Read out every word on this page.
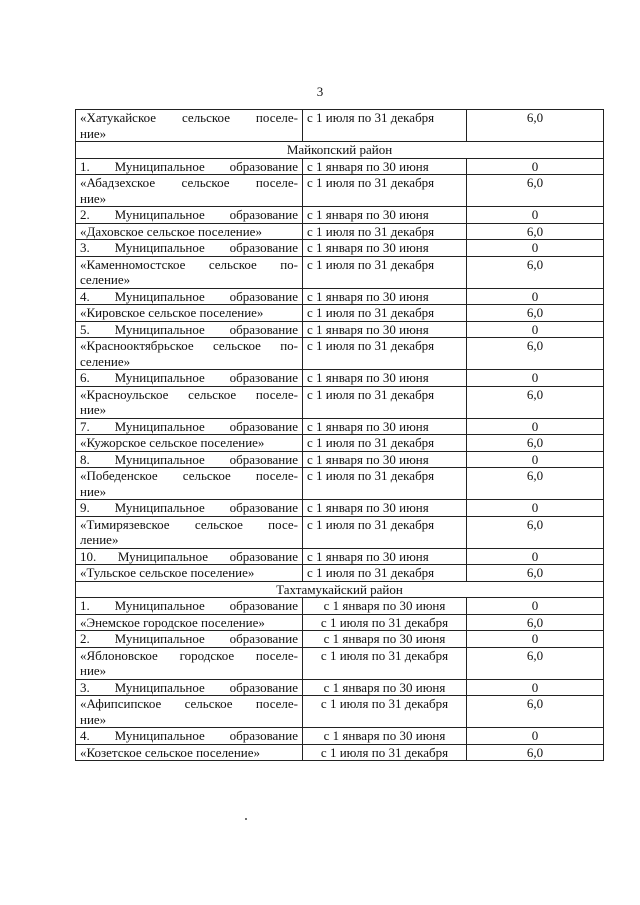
3
«Хатукайское сельское поселе-
ние»	с 1 июля по 31 декабря	6,0
Майкопский район		

1. Муниципальное образование	с 1 января по 30 июня	0

«Абадзехское сельское поселе-
ние»	с 1 июля по 31 декабря	6,0

2. Муниципальное образование	с 1 января по 30 июня	0

«Даховское сельское поселение»	с 1 июля по 31 декабря	6,0

3. Муниципальное образование	с 1 января по 30 июня	0

«Каменномостское сельское по-
селение»	с 1 июля по 31 декабря	6,0

4. Муниципальное образование	с 1 января по 30 июня	0

«Кировское сельское поселение»	с 1 июля по 31 декабря	6,0

5. Муниципальное образование	с 1 января по 30 июня	0

«Краснооктябрьское сельское по-
селение»	с 1 июля по 31 декабря	6,0

6. Муниципальное образование	с 1 января по 30 июня	0

«Красноульское сельское поселе-
ние»	с 1 июля по 31 декабря	6,0

7. Муниципальное образование	с 1 января по 30 июня	0

«Кужорское сельское поселение»	с 1 июля по 31 декабря	6,0

8. Муниципальное образование	с 1 января по 30 июня	0

«Победенское сельское поселе-
ние»	с 1 июля по 31 декабря	6,0

9. Муниципальное образование	с 1 января по 30 июня	0

«Тимирязевское сельское посе-
ление»	с 1 июля по 31 декабря	6,0

10. Муниципальное образование	с 1 января по 30 июня	0

«Тульское сельское поселение»	с 1 июля по 31 декабря	6,0
Тахтамукайский район		

1. Муниципальное образование	с 1 января по 30 июня	0

«Энемское городское поселение»	с 1 июля по 31 декабря	6,0

2. Муниципальное образование	с 1 января по 30 июня	0

«Яблоновское городское поселе-
ние»	с 1 июля по 31 декабря	6,0

3. Муниципальное образование	с 1 января по 30 июня	0

«Афипсипское сельское поселе-
ние»	с 1 июля по 31 декабря	6,0

4. Муниципальное образование	с 1 января по 30 июня	0

«Козетское сельское поселение»	с 1 июля по 31 декабря	6,0
